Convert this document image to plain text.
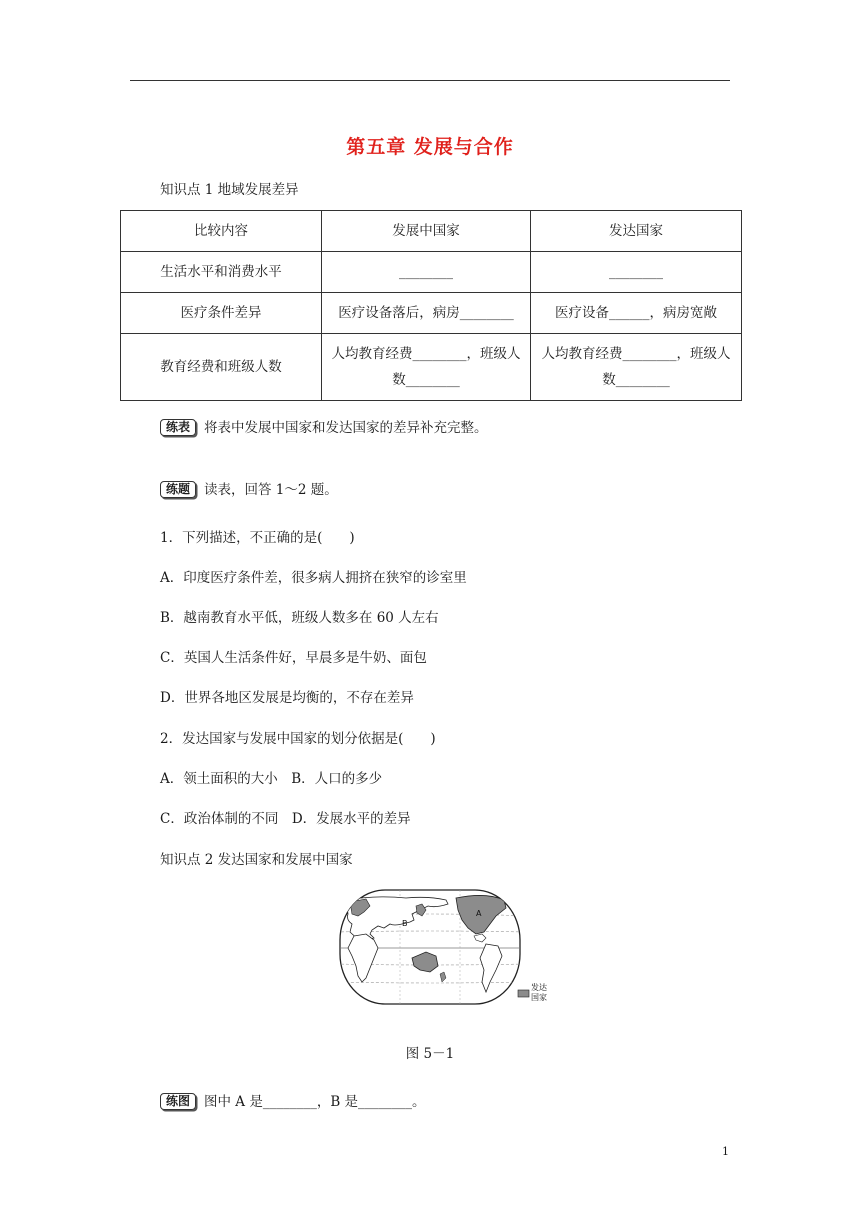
第五章 发展与合作
知识点 1 地域发展差异
比较内容	发展中国家	发达国家
生活水平和消费水平	________	________
医疗条件差异	医疗设备落后，病房________	医疗设备______，病房宽敞
教育经费和班级人数	人均教育经费________，班级人数________	人均教育经费________，班级人数________
练表 将表中发展中国家和发达国家的差异补充完整。
练题 读表，回答 1～2 题。
1．下列描述，不正确的是(　　)
A．印度医疗条件差，很多病人拥挤在狭窄的诊室里
B．越南教育水平低，班级人数多在 60 人左右
C．英国人生活条件好，早晨多是牛奶、面包
D．世界各地区发展是均衡的，不存在差异
2．发达国家与发展中国家的划分依据是(　　)
A．领土面积的大小　B．人口的多少
C．政治体制的不同　D．发展水平的差异
知识点 2 发达国家和发展中国家
A
B
发达
国家
图 5－1
练图 图中 A 是________，B 是________。
1
